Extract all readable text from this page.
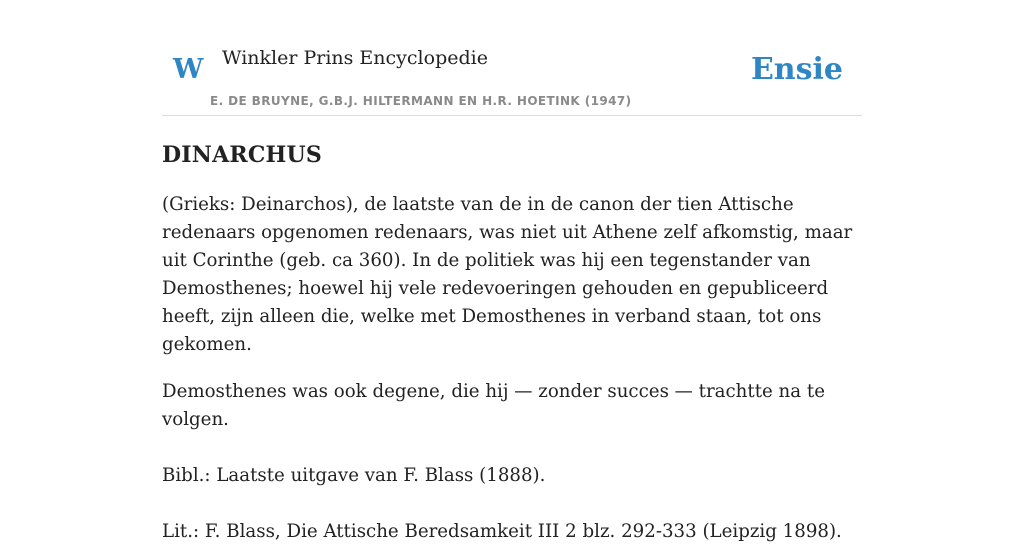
W Winkler Prins Encyclopedie
E. DE BRUYNE, G.B.J. HILTERMANN EN H.R. HOETINK (1947)
Ensie
DINARCHUS

(Grieks: Deinarchos), de laatste van de in de canon der tien Attische redenaars opgenomen redenaars, was niet uit Athene zelf afkomstig, maar uit Corinthe (geb. ca 360). In de politiek was hij een tegenstander van Demosthenes; hoewel hij vele redevoeringen gehouden en gepubliceerd heeft, zijn alleen die, welke met Demosthenes in verband staan, tot ons gekomen.

Demosthenes was ook degene, die hij — zonder succes — trachtte na te volgen.

Bibl.: Laatste uitgave van F. Blass (1888).

Lit.: F. Blass, Die Attische Beredsamkeit III 2 blz. 292-333 (Leipzig 1898).
